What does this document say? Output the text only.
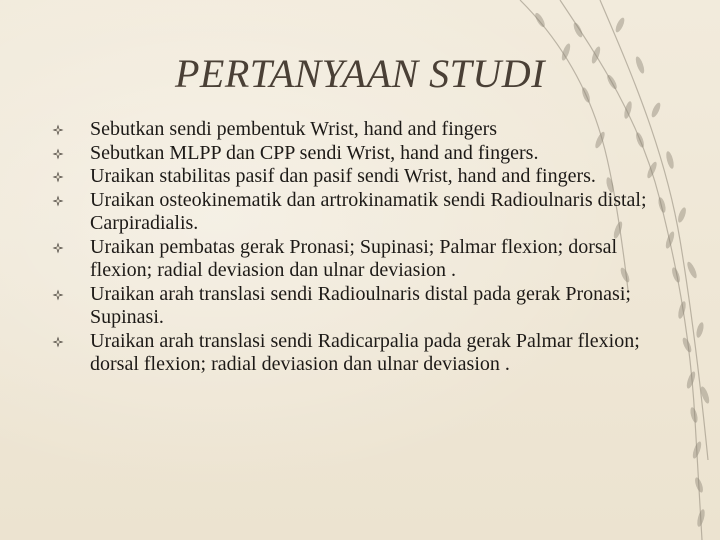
PERTANYAAN STUDI
Sebutkan sendi pembentuk Wrist, hand and fingers
Sebutkan MLPP dan CPP sendi Wrist, hand and fingers.
Uraikan stabilitas pasif dan pasif sendi Wrist, hand and fingers.
Uraikan osteokinematik dan artrokinamatik sendi Radioulnaris distal; Carpiradialis.
Uraikan pembatas gerak Pronasi; Supinasi; Palmar flexion; dorsal flexion; radial deviasion dan ulnar deviasion .
Uraikan arah translasi sendi Radioulnaris distal pada gerak Pronasi; Supinasi.
Uraikan arah translasi sendi Radicarpalia pada gerak Palmar flexion; dorsal flexion; radial deviasion dan ulnar deviasion .
